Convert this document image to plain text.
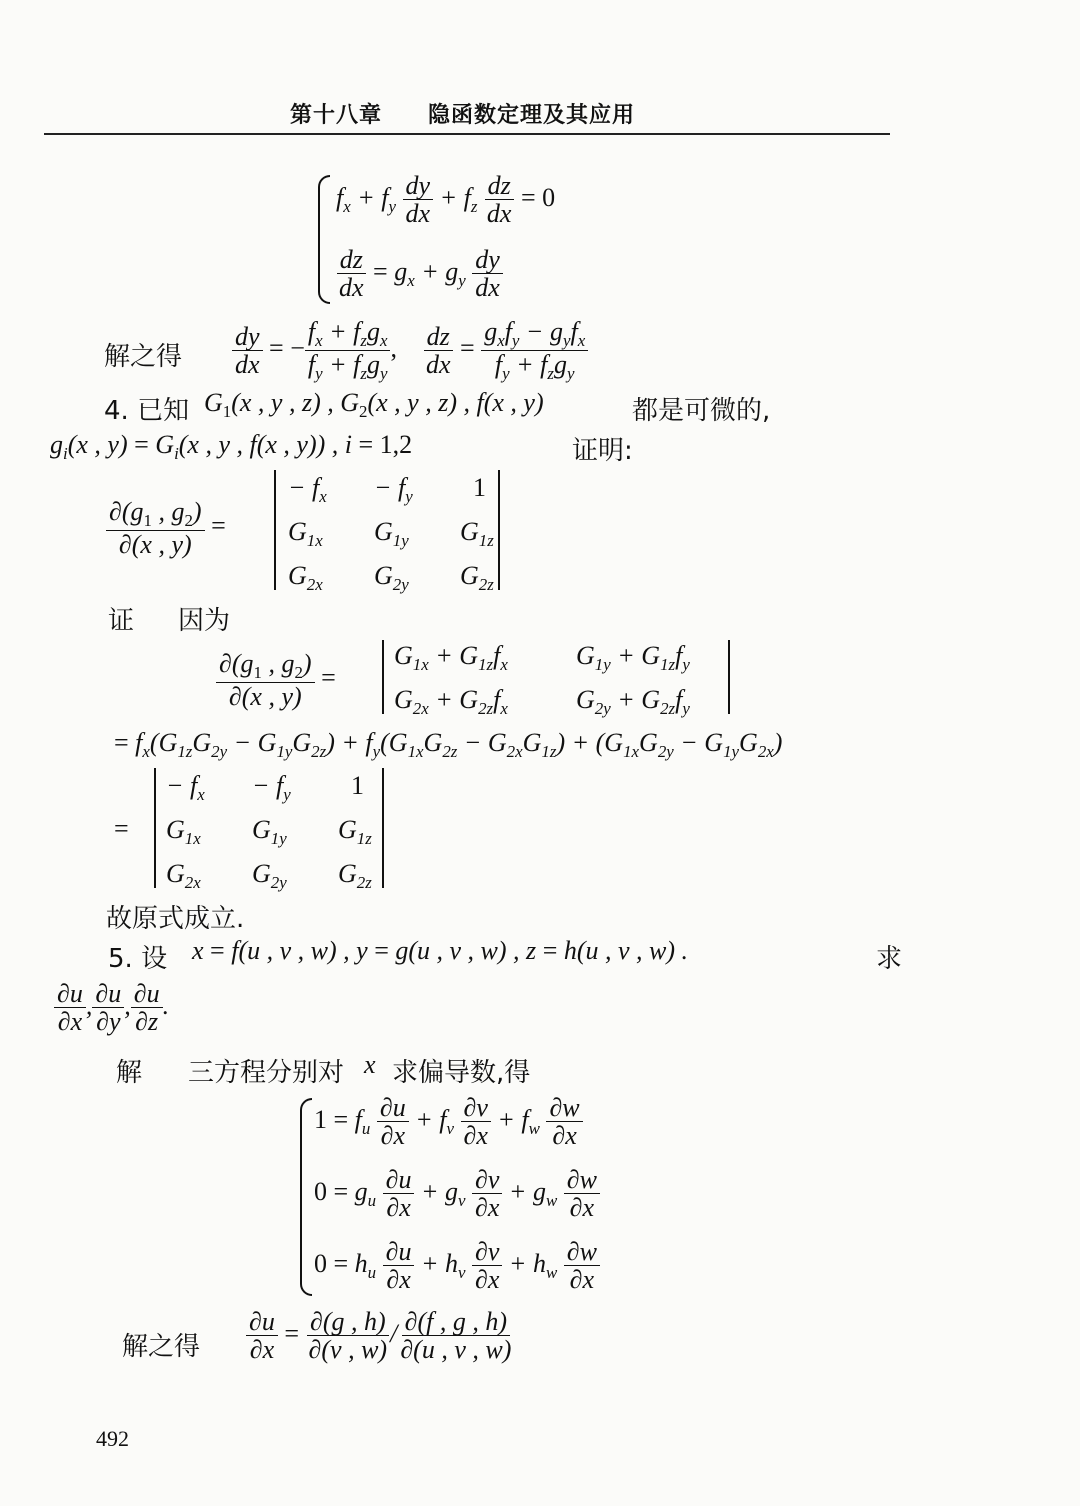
第十八章 隐函数定理及其应用
$f_x + f_y \frac{dy}{dx} + f_z \frac{dz}{dx} = 0$
$\frac{dz}{dx} = g_x + g_y \frac{dy}{dx}$
解之得 $\frac{dy}{dx}$ = − $\frac{f_x + f_zg_x}{f_y + f_zg_y}$ , $\frac{dz}{dx} = \frac{g_xf_y - g_yf_x}{f_y + f_zg_y}$
4. 已知 $G_1(x$ , y , z) , $G_2(x$ , y , z) , f(x , y)	都是可微的,
$g_i(x$ , $y) = G_i(x$ , y , f(x , y)) , i = 1,2	证明:
$\frac{\partial(g_1 , g_2)}{\partial(x , y)}$ =
− $f_x$	− $f_y$	1
$G_{1x}$	$G_{1y}$	$G_{1z}$
$G_{2x}$	$G_{2y}$	$G_{2z}$
证 因为
$\frac{\partial(g_1 , g_2)}{\partial(x , y)}$ =
$G_{1x} + G_{1z}f_x$	$G_{1y} + G_{1z}f_y$
$G_{2x} + G_{2z}f_x$	$G_{2y} + G_{2z}f_y$
= $f_x(G_{1z}G_{2y} - G_{1y}G_{2z}) + f_y(G_{1x}G_{2z} - G_{2x}G_{1z}) + (G_{1x}G_{2y} - G_{1y}G_{2x})$
=
− $f_x$	− $f_y$	1
$G_{1x}$	$G_{1y}$	$G_{1z}$
$G_{2x}$	$G_{2y}$	$G_{2z}$
故原式成立.
5. 设 x = f(u , v , w) , y = g(u , v , w) , z = h(u , v , w) .	求
$\frac{\partial u}{\partial x}$ , $\frac{\partial u}{\partial y}$ , $\frac{\partial u}{\partial z}$ .
解 三方程分别对 x 求偏导数,得
$1 = f_u \frac{\partial u}{\partial x} + f_v \frac{\partial v}{\partial x} + f_w \frac{\partial w}{\partial x}$
$0 = g_u \frac{\partial u}{\partial x} + g_v \frac{\partial v}{\partial x} + g_w \frac{\partial w}{\partial x}$
$0 = h_u \frac{\partial u}{\partial x} + h_v \frac{\partial v}{\partial x} + h_w \frac{\partial w}{\partial x}$
解之得 $\frac{\partial u}{\partial x} = \frac{\partial(g , h)}{\partial(v , w)} / \frac{\partial(f , g , h)}{\partial(u , v , w)}$
492
